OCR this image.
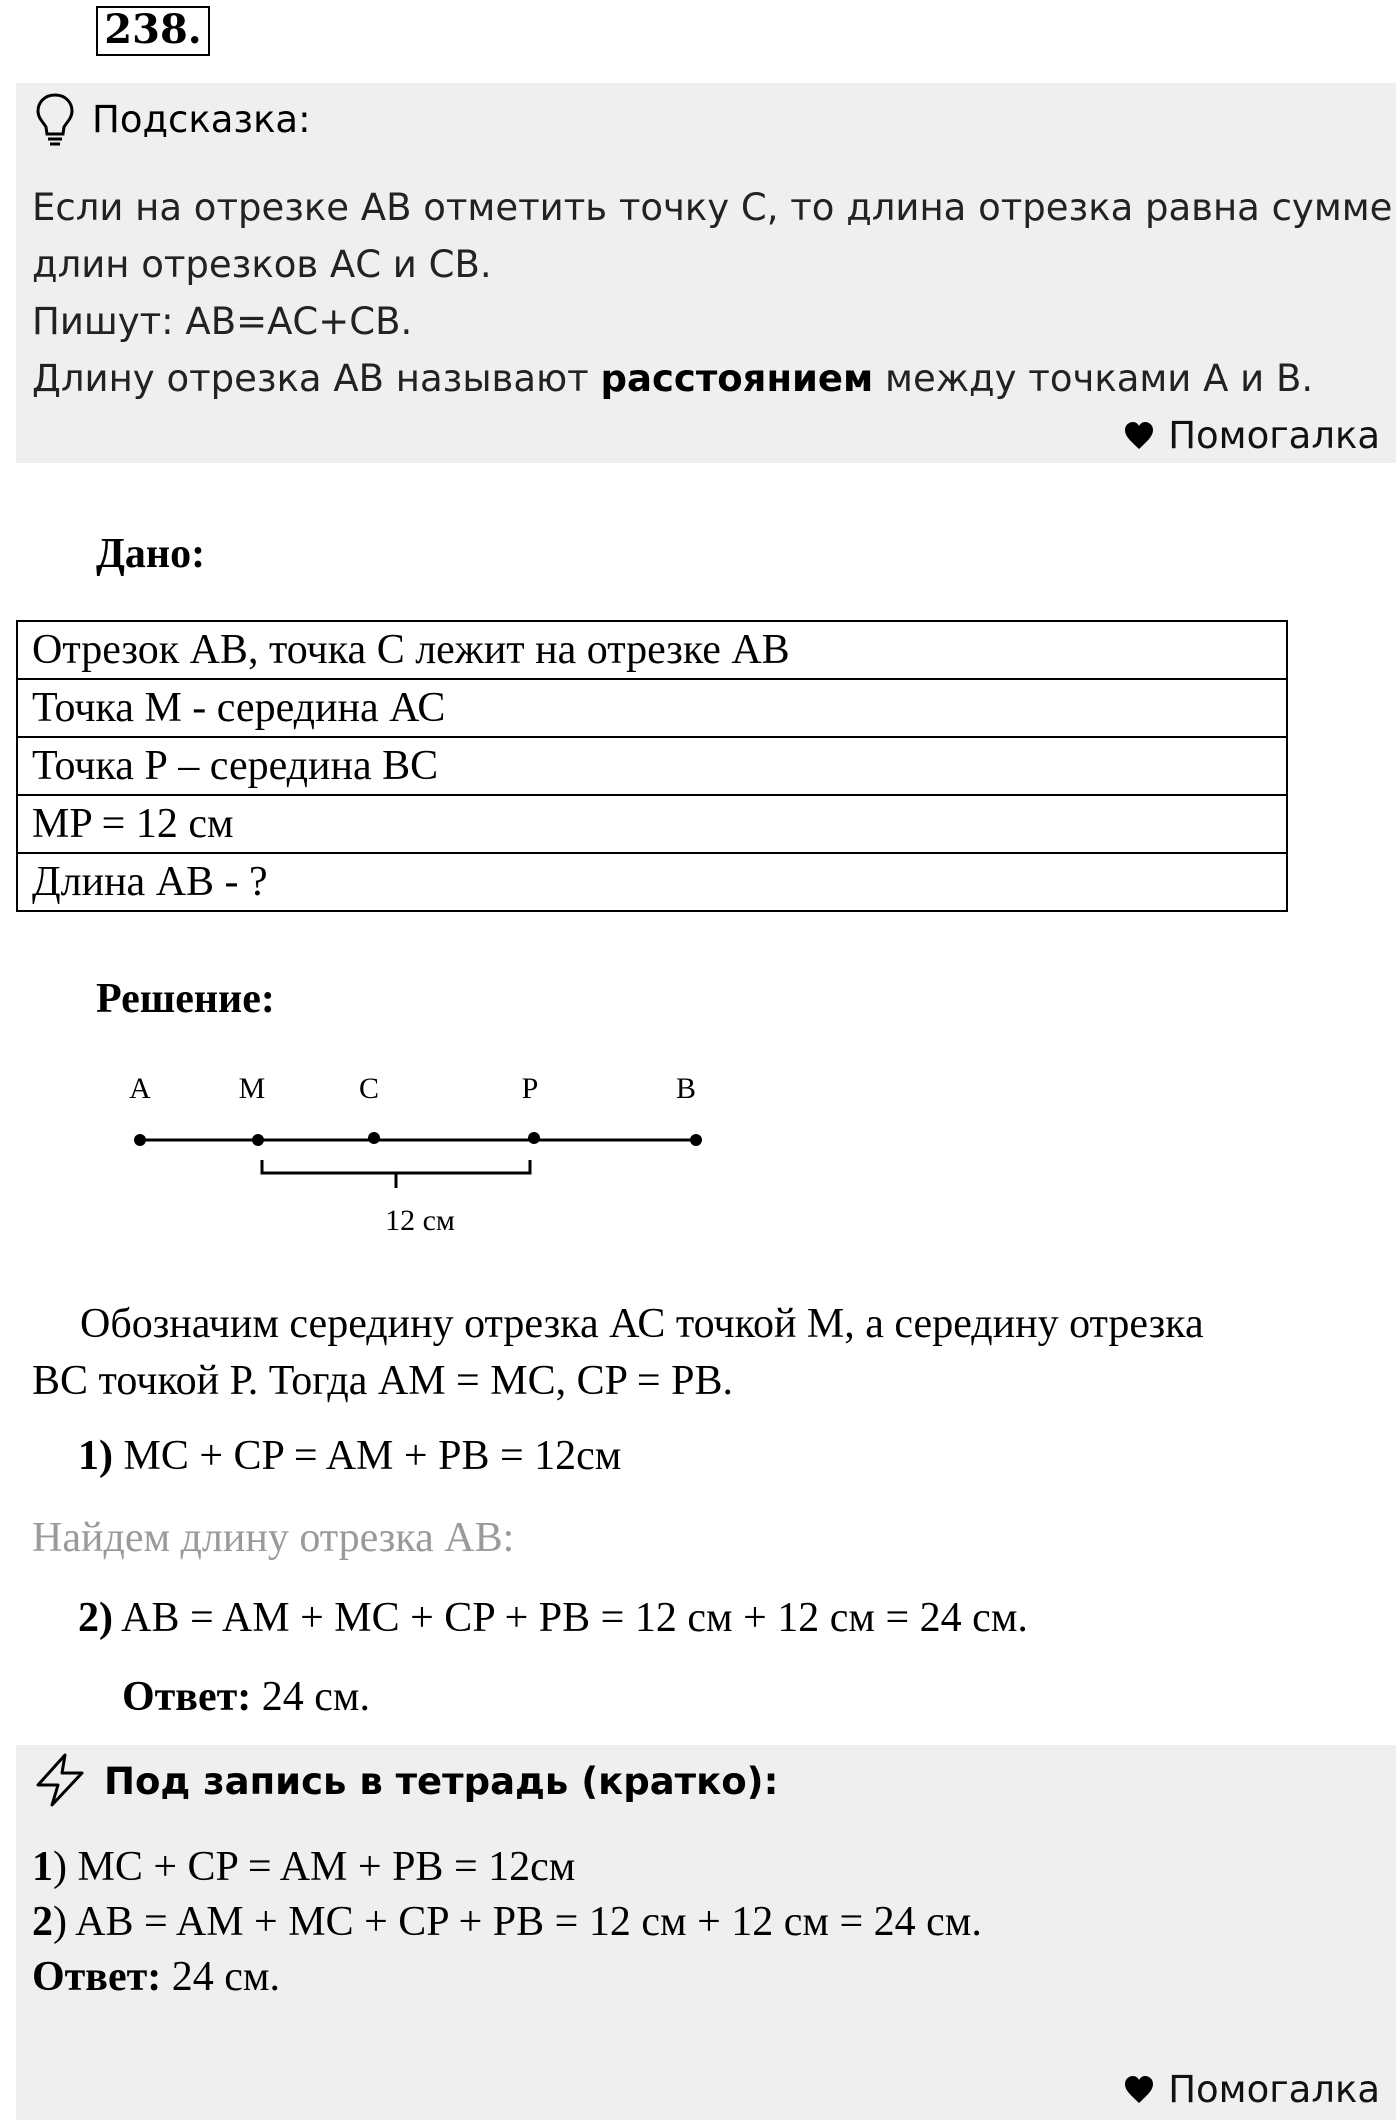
238.
Подсказка:
Если на отрезке АВ отметить точку С, то длина отрезка равна сумме
длин отрезков АС и СВ.
Пишут: АВ=АС+СВ.
Длину отрезка АВ называют расстоянием между точками А и В.
Помогалка
Дано:
Отрезок АВ, точка С лежит на отрезке АВ
Точка М - середина АС
Точка Р – середина ВС
MP = 12 см
Длина АВ - ?
Решение:
А	М	С	Р	В
12 см
Обозначим середину отрезка АС точкой М, а середину отрезка
ВС точкой Р. Тогда AM = MC, CP = PB.
1) MC + CP = AM + PB = 12см
Найдем длину отрезка АВ:
2) AB = AM + MC + CP + PB = 12 см + 12 см = 24 см.
Ответ: 24 см.
Под запись в тетрадь (кратко):
1) MC + CP = AM + PB = 12см
2) AB = AM + MC + CP + PB = 12 см + 12 см = 24 см.
Ответ: 24 см.
Помогалка
